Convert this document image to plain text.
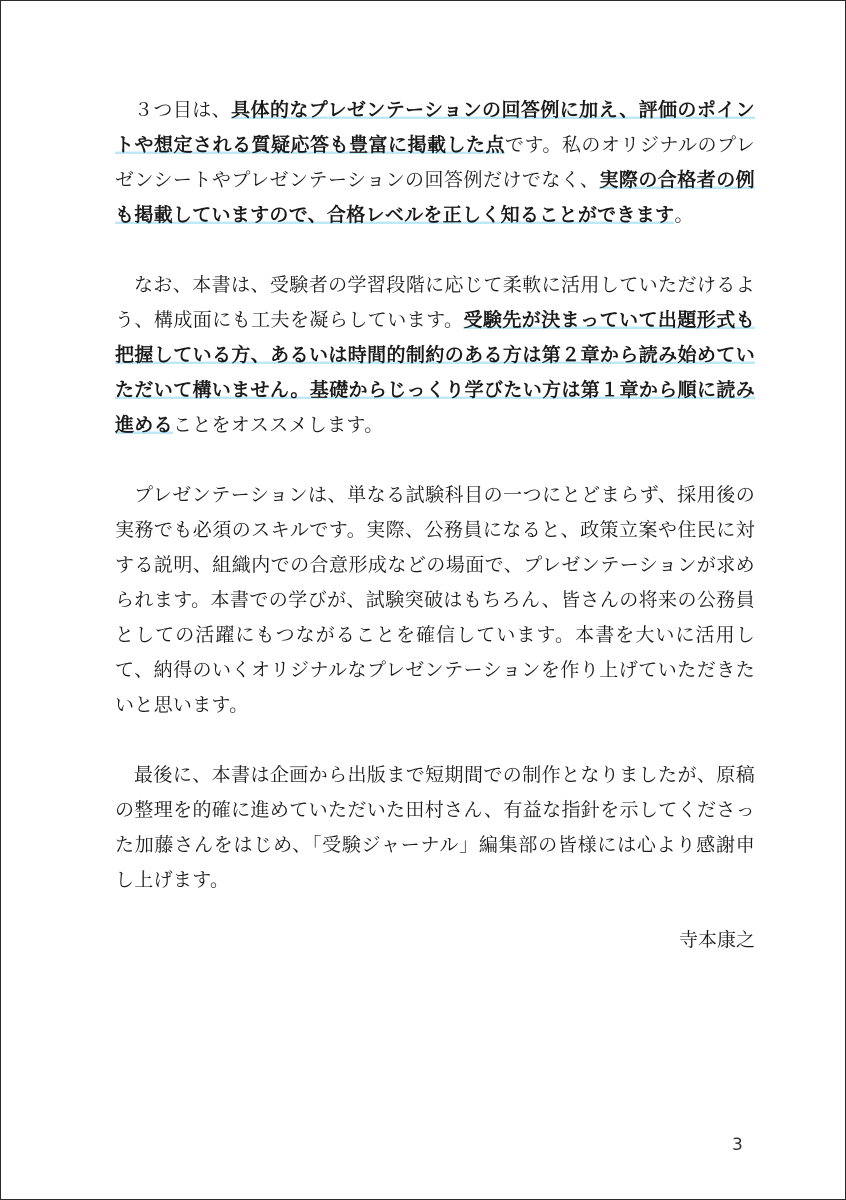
３つ目は、具体的なプレゼンテーションの回答例に加え、評価のポイントや想定される質疑応答も豊富に掲載した点です。私のオリジナルのプレゼンシートやプレゼンテーションの回答例だけでなく、実際の合格者の例も掲載していますので、合格レベルを正しく知ることができます。

なお、本書は、受験者の学習段階に応じて柔軟に活用していただけるよう、構成面にも工夫を凝らしています。受験先が決まっていて出題形式も把握している方、あるいは時間的制約のある方は第２章から読み始めていただいて構いません。基礎からじっくり学びたい方は第１章から順に読み進めることをオススメします。

プレゼンテーションは、単なる試験科目の一つにとどまらず、採用後の実務でも必須のスキルです。実際、公務員になると、政策立案や住民に対する説明、組織内での合意形成などの場面で、プレゼンテーションが求められます。本書での学びが、試験突破はもちろん、皆さんの将来の公務員としての活躍にもつながることを確信しています。本書を大いに活用して、納得のいくオリジナルなプレゼンテーションを作り上げていただきたいと思います。

最後に、本書は企画から出版まで短期間での制作となりましたが、原稿の整理を的確に進めていただいた田村さん、有益な指針を示してくださった加藤さんをはじめ、「受験ジャーナル」編集部の皆様には心より感謝申し上げます。

寺本康之
3
